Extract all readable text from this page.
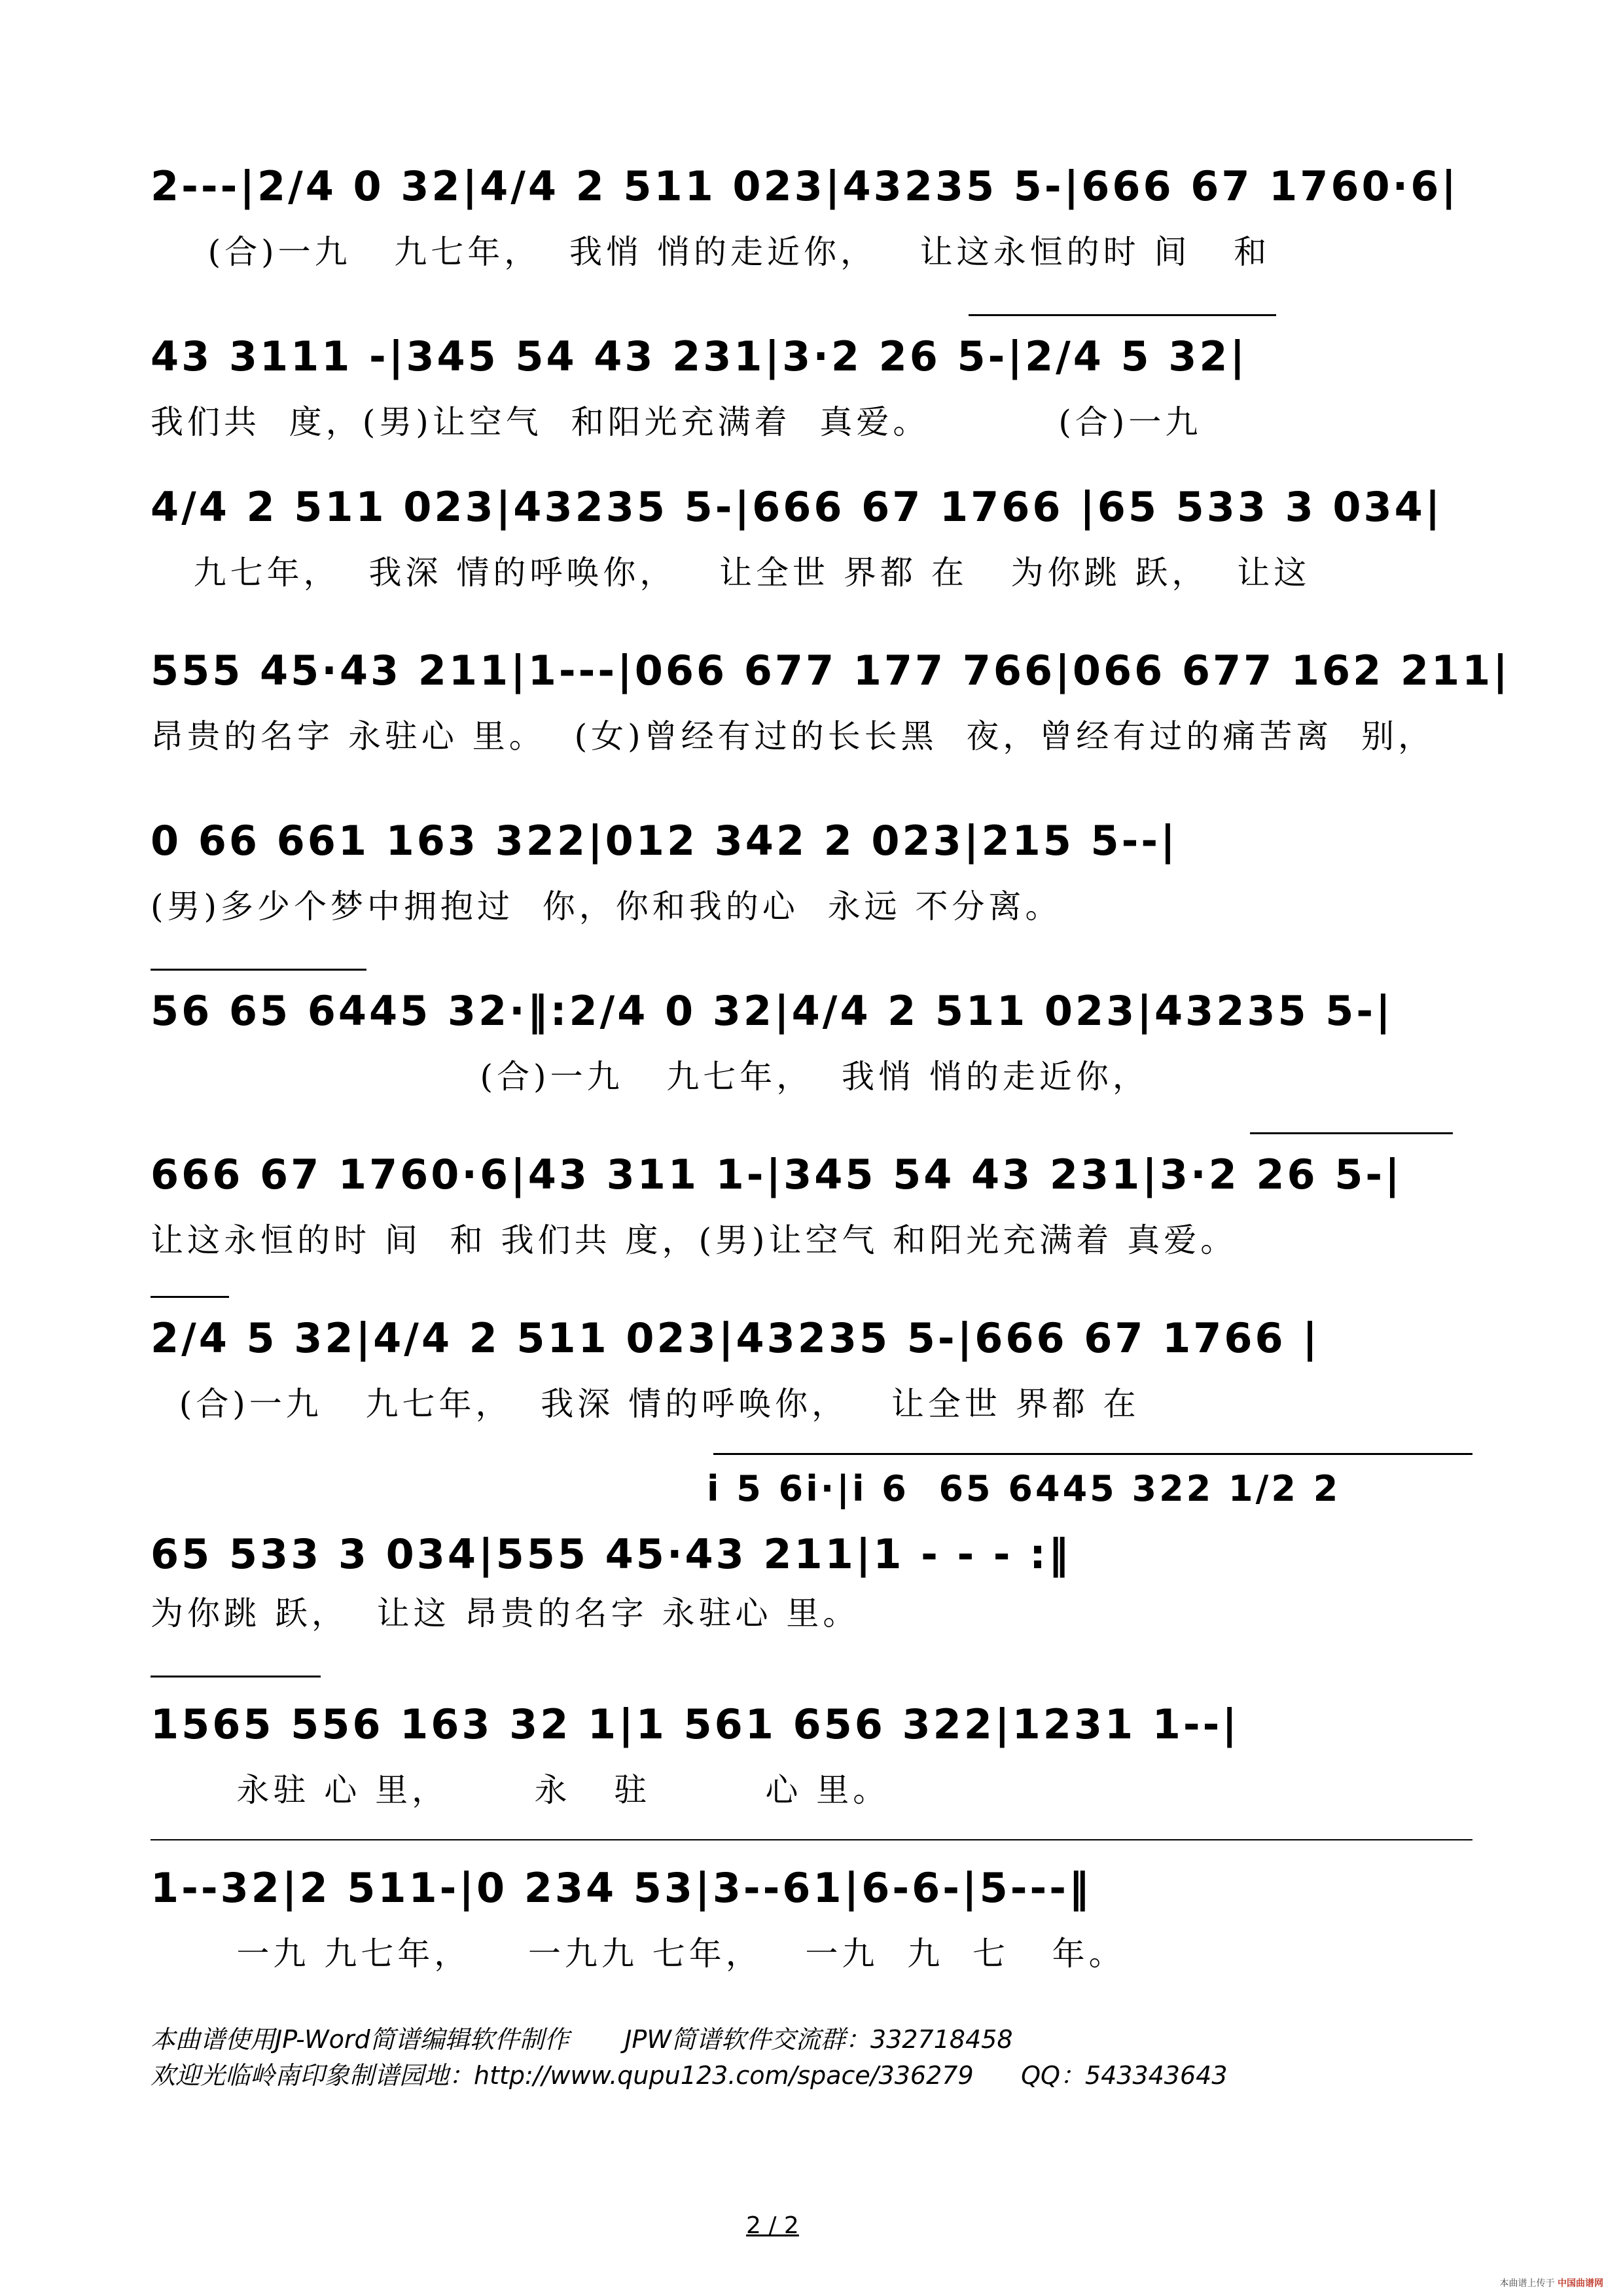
2---|2/4 0 32|4/4 2 511 023|43235 5-|666 67 1760·6|
(合)一九   九七年，  我悄 悄的走近你，   让这永恒的时 间   和
43 3111 -|345 54 43 231|3·2 26 5-|2/4 5 32|
我们共  度，(男)让空气  和阳光充满着  真爱。         (合)一九
4/4 2 511 023|43235 5-|666 67 1766 |65 533 3 034|
九七年，  我深 情的呼唤你，   让全世 界都 在   为你跳 跃，  让这
555 45·43 211|1---|066 677 177 766|066 677 162 211|
昂贵的名字 永驻心 里。  (女)曾经有过的长长黑  夜，曾经有过的痛苦离  别，
0 66 661 163 322|012 342 2 023|215 5--|
(男)多少个梦中拥抱过  你，你和我的心  永远 不分离。
56 65 6445 32·‖:2/4 0 32|4/4 2 511 023|43235 5-|
(合)一九   九七年，  我悄 悄的走近你，
666 67 1760·6|43 311 1-|345 54 43 231|3·2 26 5-|
让这永恒的时 间  和 我们共 度，(男)让空气 和阳光充满着 真爱。
2/4 5 32|4/4 2 511 023|43235 5-|666 67 1766 |
(合)一九   九七年，  我深 情的呼唤你，   让全世 界都 在
i 5 6i·|i 6  65 6445 322 1/2 2
65 533 3 034|555 45·43 211|1 - - - :‖
为你跳 跃，  让这 昂贵的名字 永驻心 里。
1565 556 163 32 1|1 561 656 322|1231 1--|
永驻 心 里，      永   驻        心 里。
1--32|2 511-|0 234 53|3--61|6-6-|5---‖
一九 九七年，    一九九 七年，   一九  九  七   年。
本曲谱使用JP-Word简谱编辑软件制作       JPW简谱软件交流群：332718458
欢迎光临岭南印象制谱园地：http://www.qupu123.com/space/336279      QQ：543343643
2 / 2
本曲谱上传于 中国曲谱网
